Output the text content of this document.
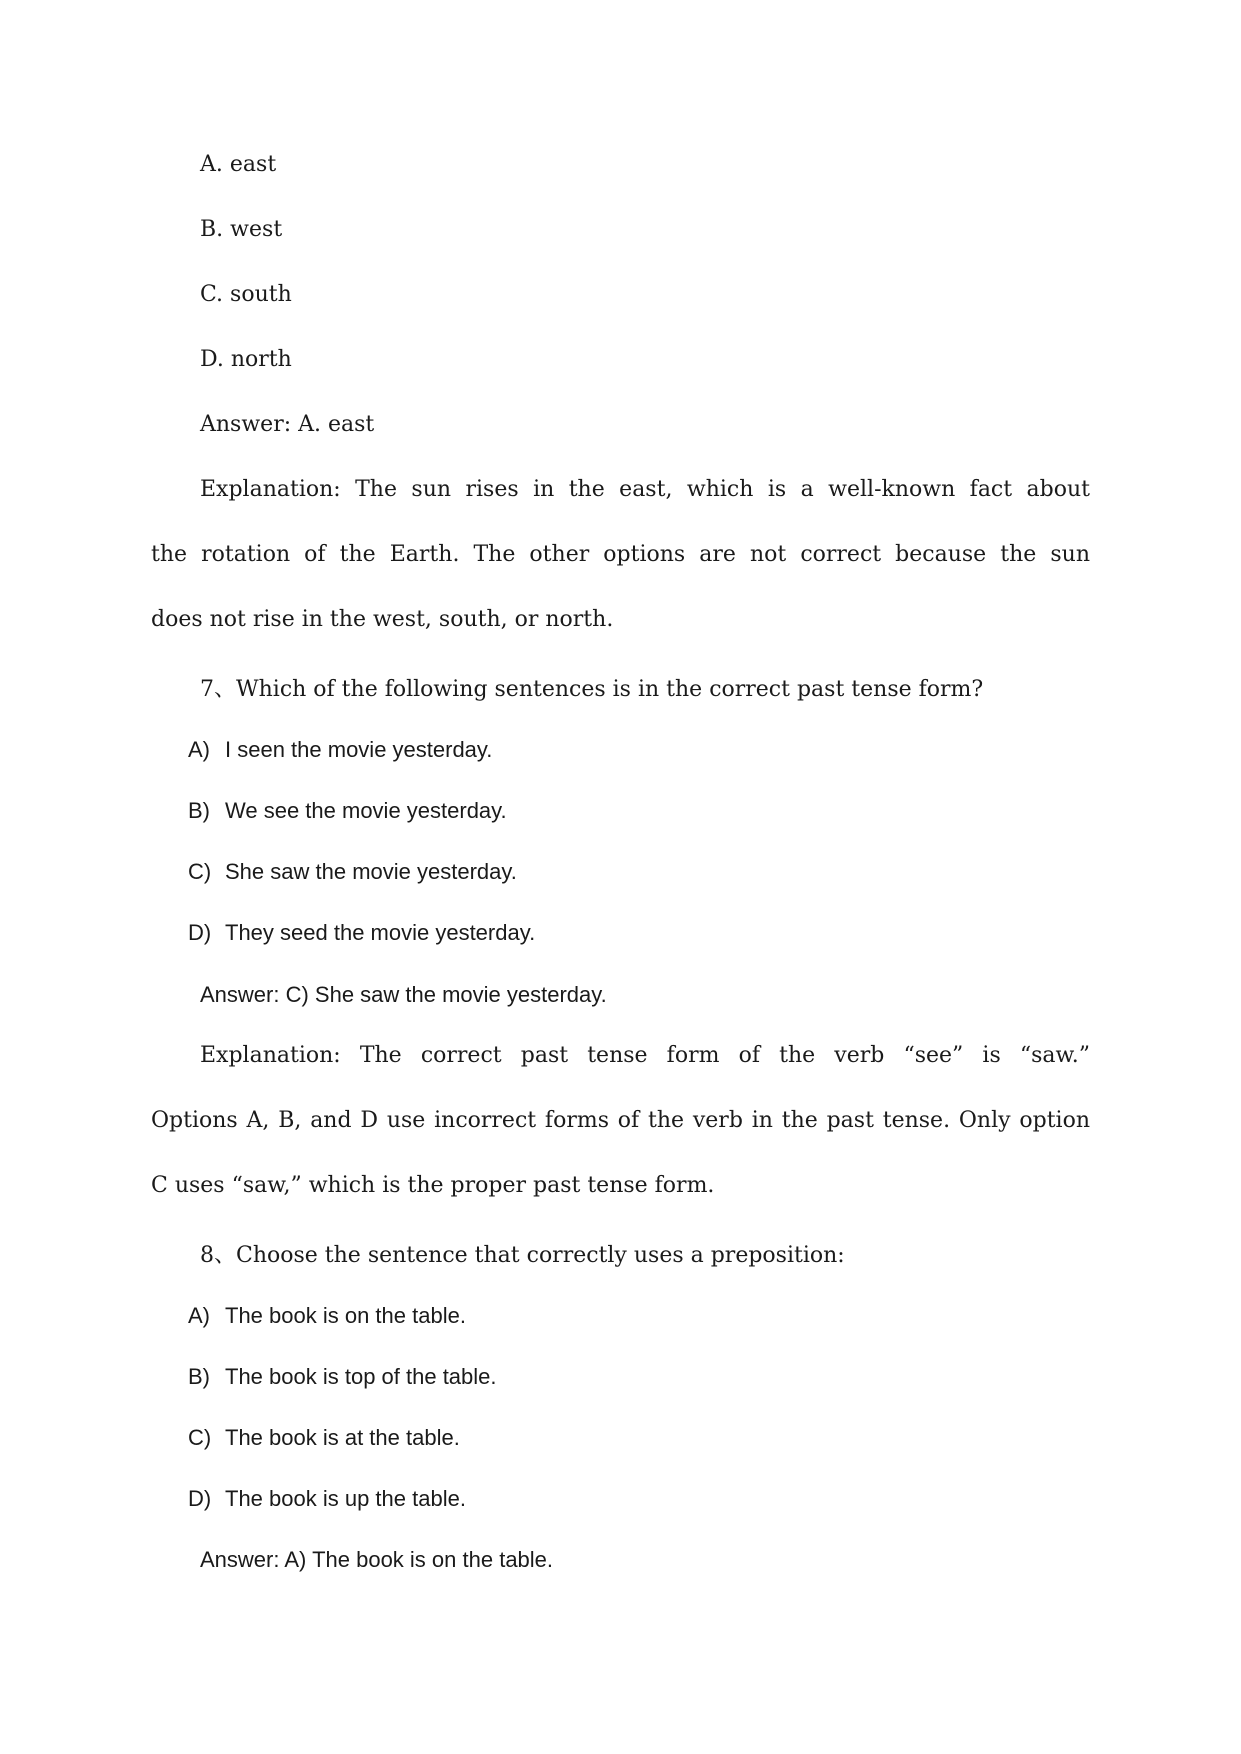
A. east

B. west

C. south

D. north

Answer: A. east

Explanation: The sun rises in the east, which is a well-known fact about

the rotation of the Earth. The other options are not correct because the sun

does not rise in the west, south, or north.

7、Which of the following sentences is in the correct past tense form?

A) I seen the movie yesterday.

B) We see the movie yesterday.

C) She saw the movie yesterday.

D) They seed the movie yesterday.

Answer: C) She saw the movie yesterday.

Explanation: The correct past tense form of the verb “see” is “saw.”

Options A, B, and D use incorrect forms of the verb in the past tense. Only option

C uses “saw,” which is the proper past tense form.

8、Choose the sentence that correctly uses a preposition:

A) The book is on the table.

B) The book is top of the table.

C) The book is at the table.

D) The book is up the table.

Answer: A) The book is on the table.
